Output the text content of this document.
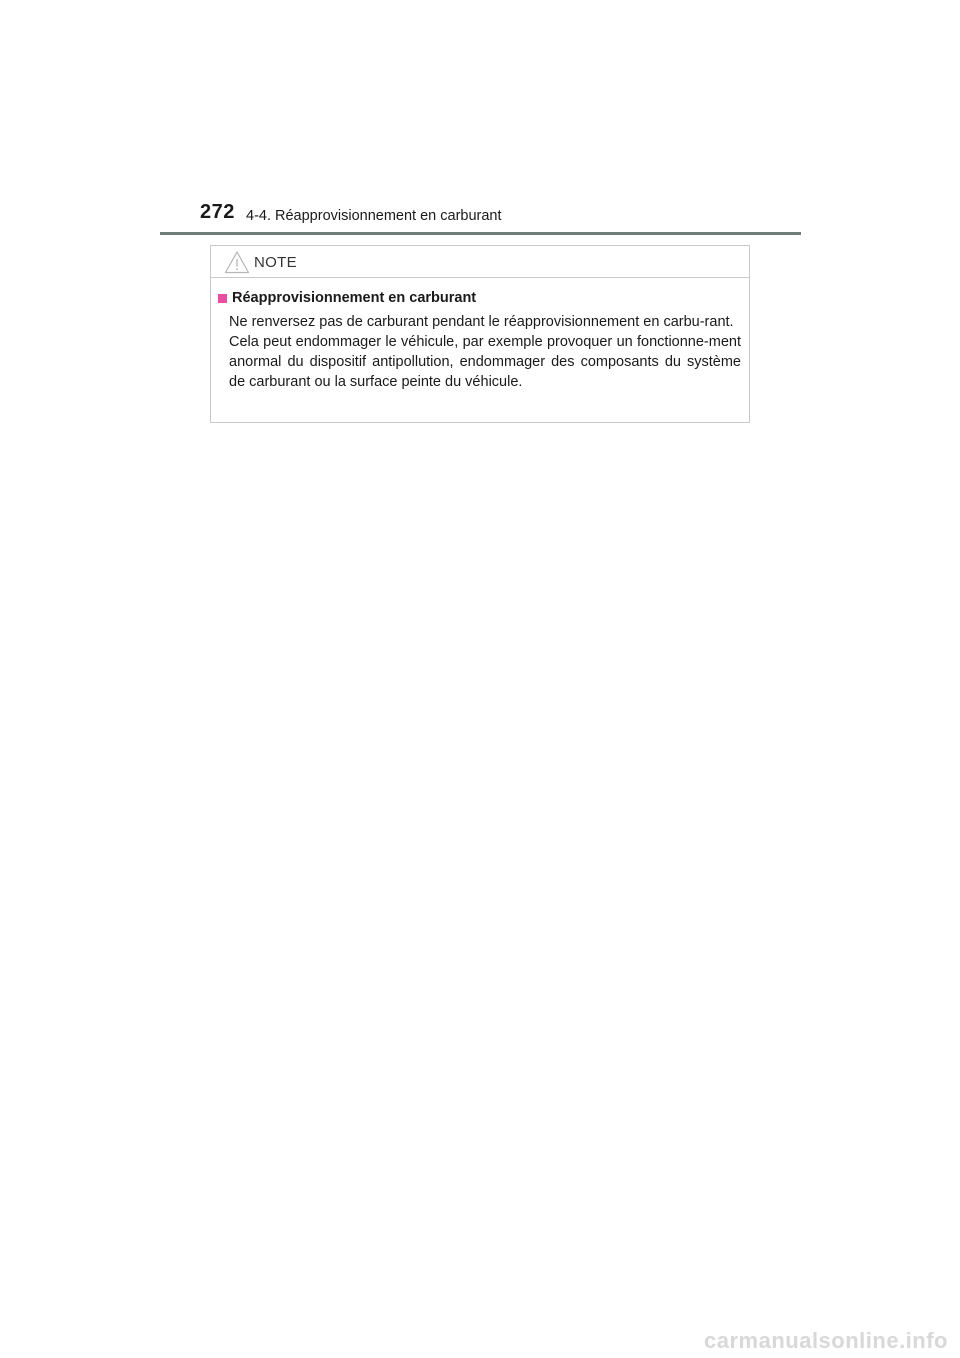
272 4-4. Réapprovisionnement en carburant
NOTE
Réapprovisionnement en carburant

Ne renversez pas de carburant pendant le réapprovisionnement en carbu-rant.

Cela peut endommager le véhicule, par exemple provoquer un fonctionne-ment anormal du dispositif antipollution, endommager des composants du système de carburant ou la surface peinte du véhicule.

carmanualsonline.info
